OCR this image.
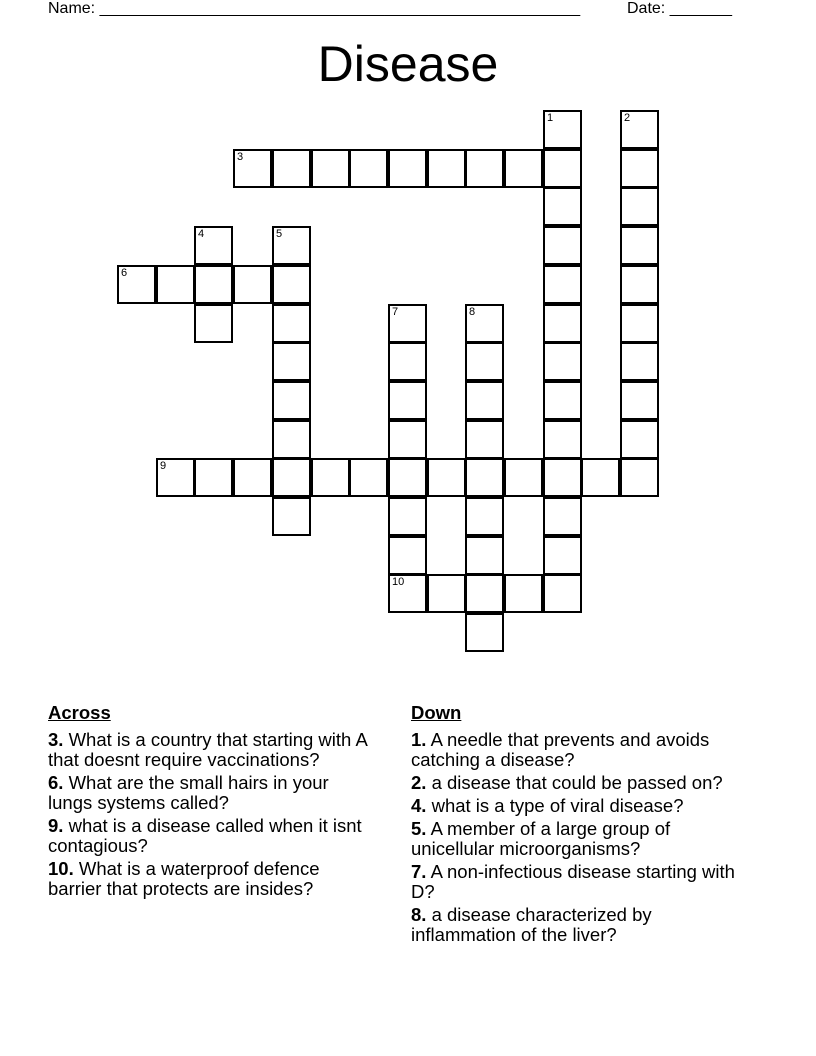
Name: ______________________________________________________	Date: _______
Disease
1	2
3
4	5
6
7
10
8
9
Across
3. What is a country that starting with A that doesnt require vaccinations?
6. What are the small hairs in your lungs systems called?
9. what is a disease called when it isnt contagious?
10. What is a waterproof defence barrier that protects are insides?
Down
1. A needle that prevents and avoids catching a disease?
2. a disease that could be passed on?
4. what is a type of viral disease?
5. A member of a large group of unicellular microorganisms?
7. A non-infectious disease starting with D?
8. a disease characterized by inflammation of the liver?
